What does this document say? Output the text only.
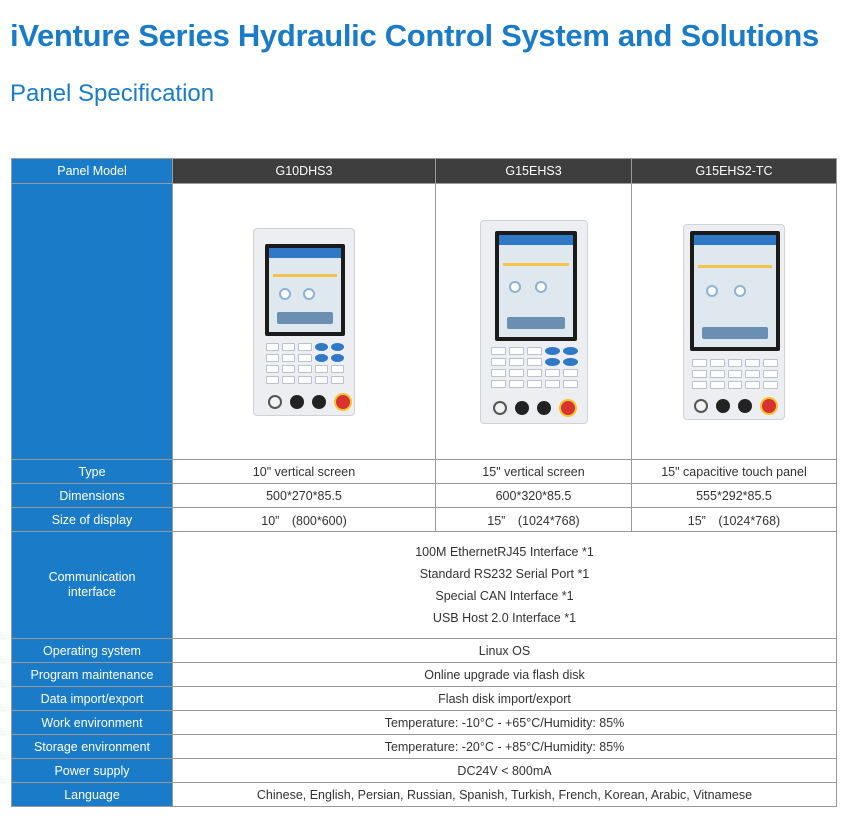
iVenture Series Hydraulic Control System and Solutions
Panel Specification
Panel Model	G10DHS3	G15EHS3	G15EHS2-TC

Type	10" vertical screen	15" vertical screen	15" capacitive touch panel
Dimensions	500*270*85.5	600*320*85.5	555*292*85.5
Size of display	10”　(800*600)	15”　(1024*768)	15”　(1024*768)
Communication interface	100M EthernetRJ45 Interface *1
Standard RS232 Serial Port *1
Special CAN Interface *1
USB Host 2.0 Interface *1		

Operating system	Linux OS		
Program maintenance	Online upgrade via flash disk		
Data import/export	Flash disk import/export		
Work environment	Temperature: -10°C - +65°C/Humidity: 85%		
Storage environment	Temperature: -20°C - +85°C/Humidity: 85%		
Power supply	DC24V < 800mA		
Language	Chinese, English, Persian, Russian, Spanish, Turkish, French, Korean, Arabic, Vitnamese		
